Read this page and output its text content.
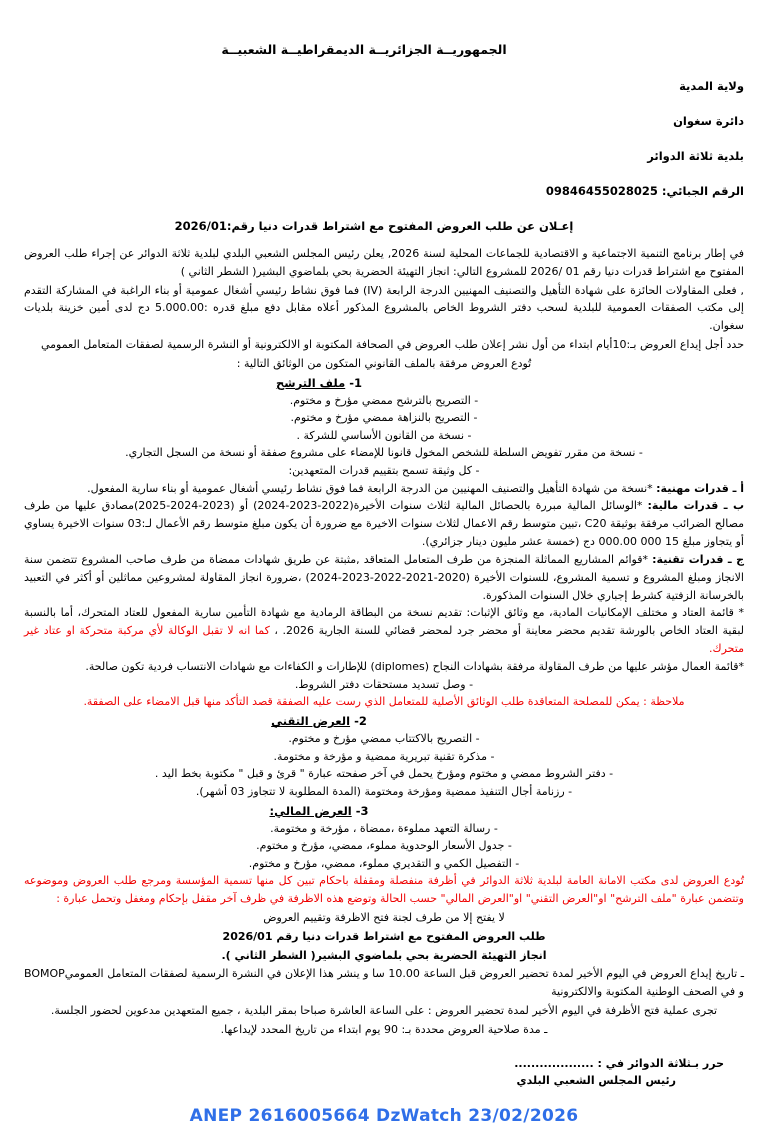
الجمهوريــة الجزائريــة الديمقراطيــة الشعبيــة
ولاية المدية
دائرة سغوان
بلدية ثلاثة الدوائر
الرقم الجبائي: 09846455028025
إعـلان عن طلب العروض المفتوح مع اشتراط قدرات دنيا رقم:2026/01

في إطار برنامج التنمية الاجتماعية و الاقتصادية للجماعات المحلية لسنة 2026, يعلن رئيس المجلس الشعبي البلدي لبلدية ثلاثة الدوائر عن إجراء طلب العروض المفتوح مع اشتراط قدرات دنيا رقم 01 /2026 للمشروع التالي: انجاز التهيئة الحضرية بحي بلماضوي البشير( الشطر الثاني )

, فعلى المقاولات الحائزة على شهادة التأهيل والتصنيف المهنيين الدرجة الرابعة (IV) فما فوق نشاط رئيسي أشغال عمومية أو بناء الراغبة في المشاركة التقدم إلى مكتب الصفقات العمومية للبلدية لسحب دفتر الشروط الخاص بالمشروع المذكور أعلاه مقابل دفع مبلغ قدره :5.000.00 دج لدى أمين خزينة بلديات سغوان.

حدد أجل إيداع العروض بـ:10أيام ابتداء من أول نشر إعلان طلب العروض في الصحافة المكتوبة او الالكترونية أو النشرة الرسمية لصفقات المتعامل العمومي

تُودع العروض مرفقة بالملف القانوني المتكون من الوثائق التالية :

1- ملف الترشح
- التصريح بالترشح ممضي مؤرخ و مختوم.
- التصريح بالنزاهة ممضي مؤرخ و مختوم.
- نسخة من القانون الأساسي للشركة .
- نسخة من مقرر تفويض السلطة للشخص المخول قانونا للإمضاء على مشروع صفقة أو نسخة من السجل التجاري.
- كل وثيقة تسمح بتقييم قدرات المتعهدين:

أ ـ قدرات مهنية: *نسخة من شهادة التأهيل والتصنيف المهنيين من الدرجة الرابعة فما فوق نشاط رئيسي أشغال عمومية أو بناء سارية المفعول.

ب ـ قدرات مالية: *الوسائل المالية مبررة بالحصائل المالية لثلاث سنوات الأخيرة(2022-2023-2024) أو (2023-2024-2025)مصادق عليها من طرف مصالح الضرائب مرفقة بوثيقة C20 ،تبين متوسط رقم الاعمال لثلاث سنوات الاخيرة مع ضرورة أن يكون مبلغ متوسط رقم الأعمال لـ:03 سنوات الاخيرة يساوي أو يتجاوز مبلغ 15 000 000.00 دج (خمسة عشر مليون دينار جزائري).

ج ـ قدرات تقنية: *قوائم المشاريع المماثلة المنجزة من طرف المتعامل المتعاقد ,مثبتة عن طريق شهادات ممضاة من طرف صاحب المشروع تتضمن سنة الانجاز ومبلغ المشروع و تسمية المشروع، للسنوات الأخيرة (2020-2021-2022-2023-2024) ،ضرورة انجاز المقاولة لمشروعين مماثلين أو أكثر في التعبيد بالخرسانة الزفتية كشرط إجباري خلال السنوات المذكورة.

* قائمة العتاد و مختلف الإمكانيات المادية، مع وثائق الإثبات: تقديم نسخة من البطاقة الرمادية مع شهادة التأمين سارية المفعول للعتاد المتحرك، أما بالنسبة لبقية العتاد الخاص بالورشة تقديم محضر معاينة أو محضر جرد لمحضر قضائي للسنة الجارية 2026. ، كما انه لا تقبل الوكالة لأي مركبة متحركة او عتاد غير متحرك.

*قائمة العمال مؤشر عليها من طرف المقاولة مرفقة بشهادات النجاح (diplomes) للإطارات و الكفاءات مع شهادات الانتساب فردية تكون صالحة.

- وصل تسديد مستحقات دفتر الشروط.

ملاحظة : يمكن للمصلحة المتعاقدة طلب الوثائق الأصلية للمتعامل الذي رست عليه الصفقة قصد التأكد منها قبل الامضاء على الصفقة.

2- العرض التقني
- التصريح بالاكتتاب ممضي مؤرخ و مختوم.
- مذكرة تقنية تبريرية ممضية و مؤرخة و مختومة.
- دفتر الشروط ممضي و مختوم ومؤرخ يحمل في آخر صفحته عبارة " قرئ و قبل " مكتوبة بخط اليد .
- رزنامة أجال التنفيذ ممضية ومؤرخة ومختومة (المدة المطلوبة لا تتجاوز 03 أشهر).
3- العرض المالي:
- رسالة التعهد مملوءة ،ممضاة ، مؤرخة و مختومة.
- جدول الأسعار الوحدوية مملوء، ممضي، مؤرخ و مختوم.
- التفصيل الكمي و التقديري مملوء، ممضي، مؤرخ و مختوم.

تُودع العروض لدى مكتب الامانة العامة لبلدية ثلاثة الدوائر في أظرفة منفصلة ومقفلة باحكام تبين كل منها تسمية المؤسسة ومرجع طلب العروض وموضوعه وتتضمن عبارة "ملف الترشح" او"العرض التقني" او"العرض المالي" حسب الحالة وتوضع هذه الاظرفة في ظرف آخر مقفل بإحكام ومغفل وتحمل عبارة :

لا يفتح إلا من طرف لجنة فتح الاظرفة وتقييم العروض

طلب العروض المفتوح مع اشتراط قدرات دنيا رقم 2026/01

انجاز التهيئة الحضرية بحي بلماضوي البشير( الشطر الثاني ).

ـ تاريخ إيداع العروض في اليوم الأخير لمدة تحضير العروض قبل الساعة 10.00 سا و ينشر هذا الإعلان في النشرة الرسمية لصفقات المتعامل العموميBOMOP و في الصحف الوطنية المكتوبة والالكترونية

تجرى عملية فتح الأظرفة في اليوم الأخير لمدة تحضير العروض : على الساعة العاشرة صباحا بمقر البلدية ، جميع المتعهدين مدعوين لحضور الجلسة.

ـ مدة صلاحية العروض محددة بـ: 90 يوم ابتداء من تاريخ المحدد لإيداعها.

حرر بـثلاثة الدوائر في : ...................
رئيس المجلس الشعبي البلدي
ANEP 2616005664 DzWatch 23/02/2026
